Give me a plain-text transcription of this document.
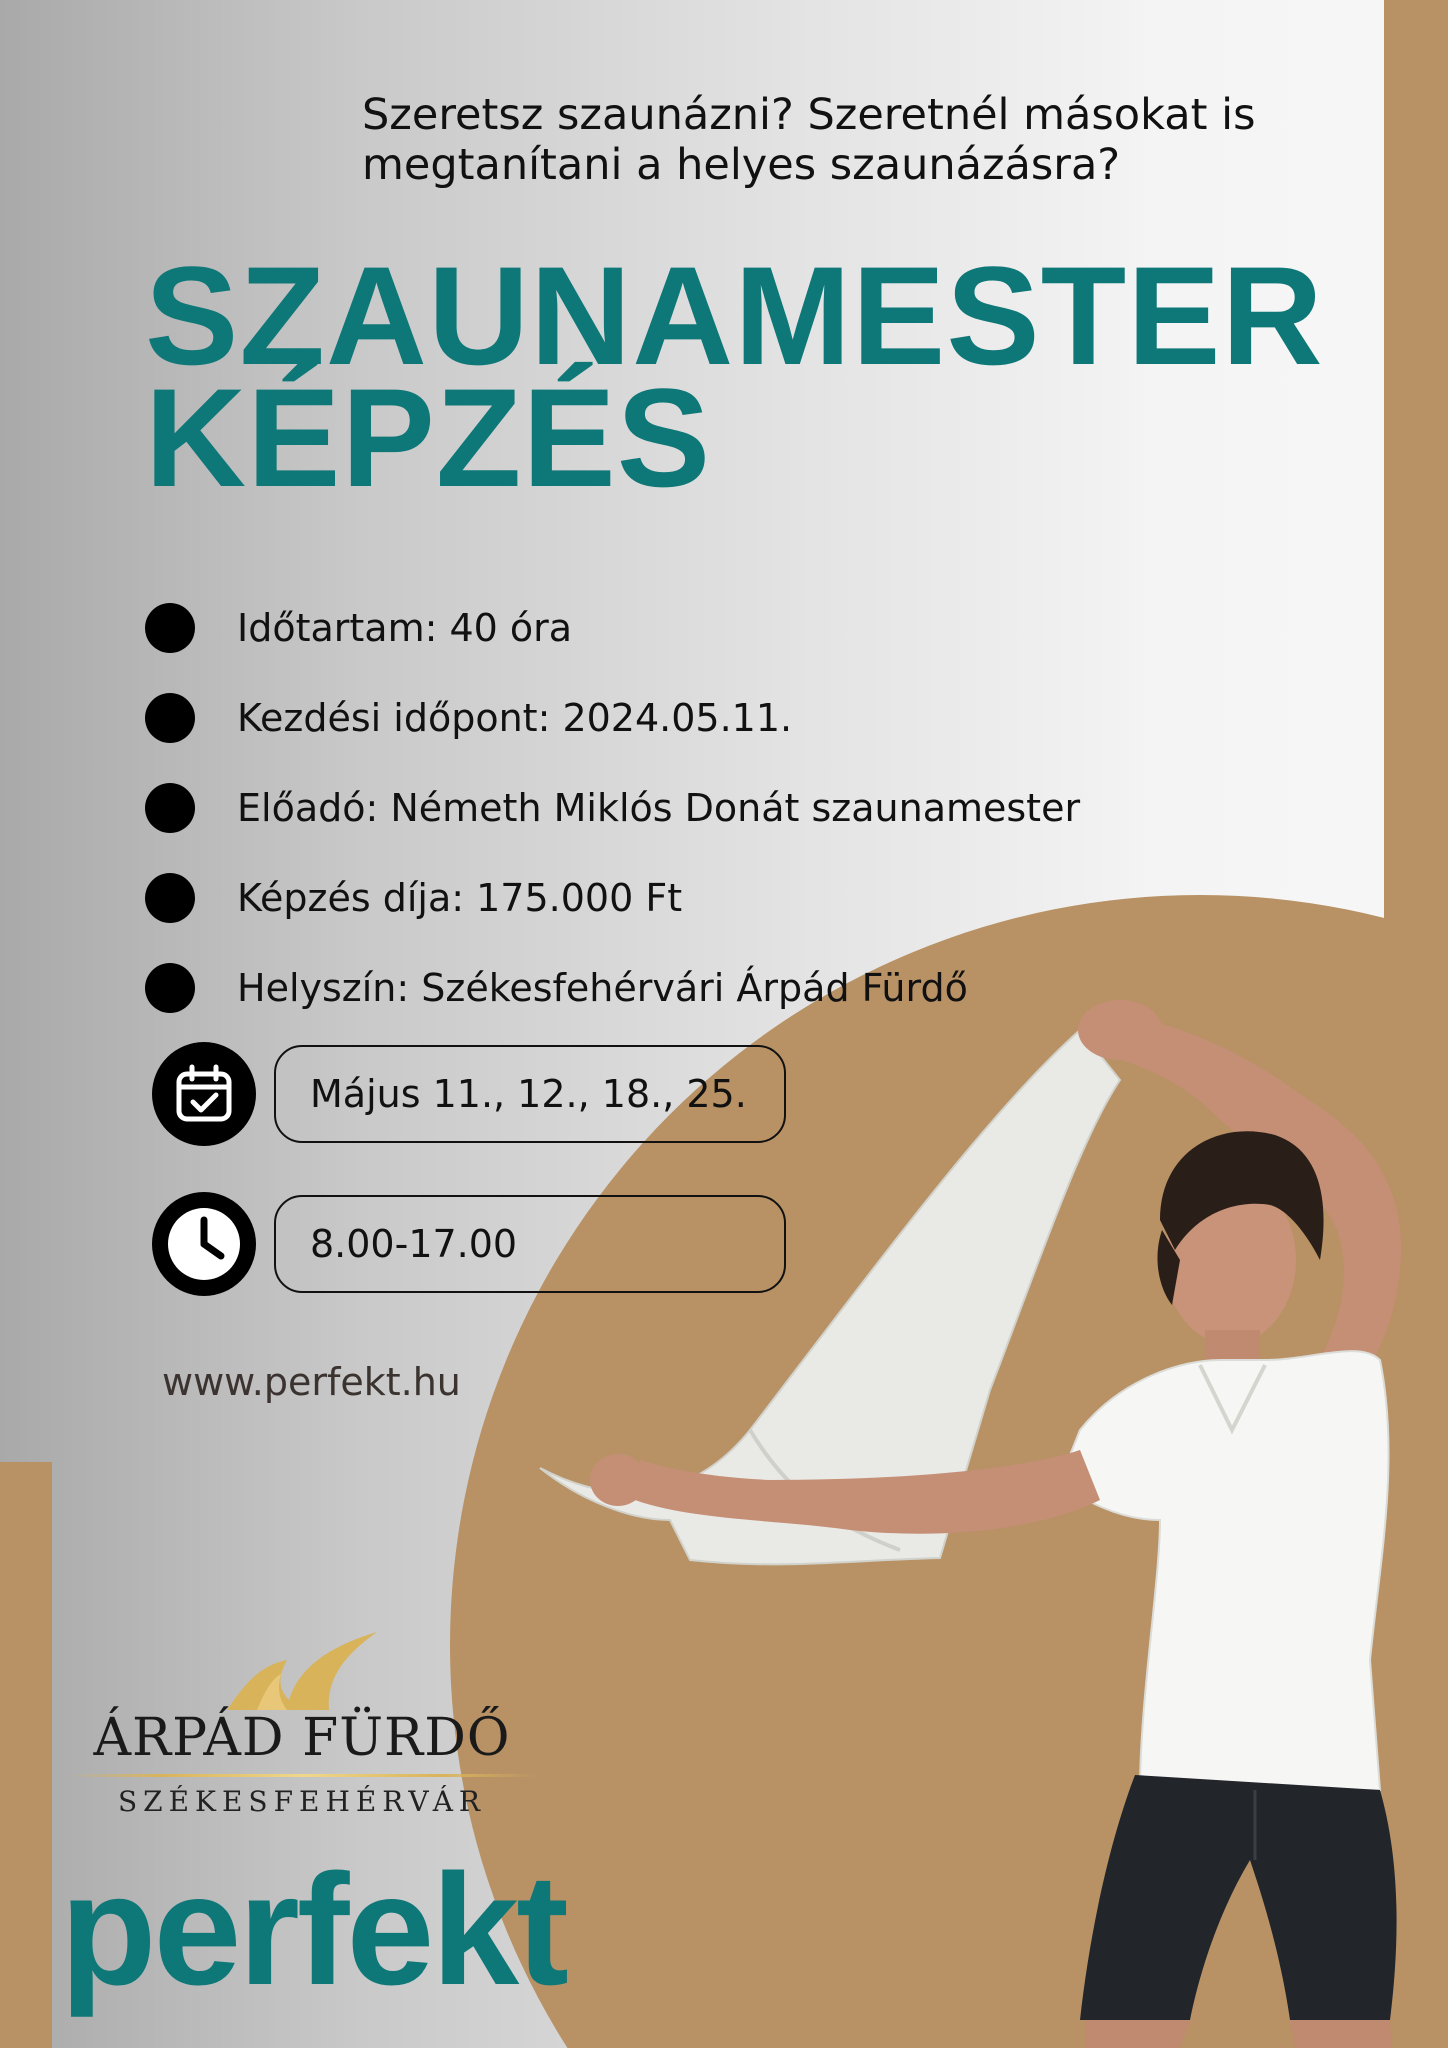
Szeretsz szaunázni? Szeretnél másokat is
megtanítani a helyes szaunázásra?
SZAUNAMESTER
KÉPZÉS
Időtartam: 40 óra
Kezdési időpont: 2024.05.11.
Előadó: Németh Miklós Donát szaunamester
Képzés díja: 175.000 Ft
Helyszín: Székesfehérvári Árpád Fürdő
Május 11., 12., 18., 25.
8.00-17.00
www.perfekt.hu
ÁRPÁD FÜRDŐ
SZÉKESFEHÉRVÁR
perfekt
